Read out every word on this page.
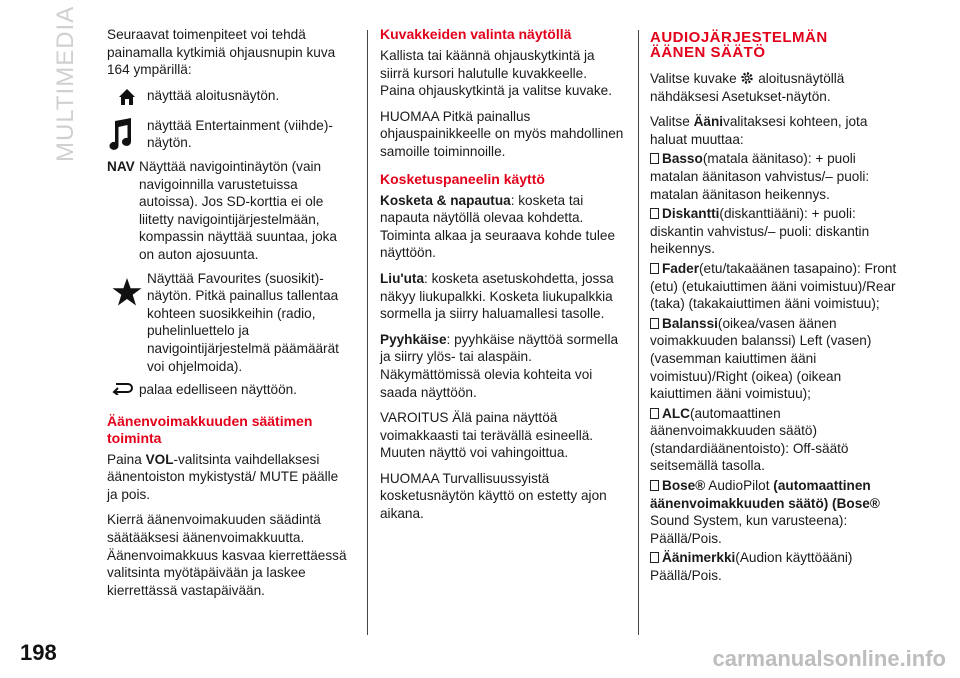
MULTIMEDIA Seuraavat toimenpiteet voi tehdä painamalla kytkimiä ohjausnupin kuva 164 ympärillä:

näyttää aloitusnäytön.
näyttää Entertainment (viihde)-näytön.
NAV Näyttää navigointinäytön (vain navigoinnilla varustetuissa autoissa). Jos SD-korttia ei ole liitetty navigointijärjestelmään, kompassin näyttää suuntaa, joka on auton ajosuunta.
Näyttää Favourites (suosikit)-näytön. Pitkä painallus tallentaa kohteen suosikkeihin (radio, puhelinluettelo ja navigointijärjestelmä päämäärät voi ohjelmoida).
palaa edelliseen näyttöön.
Äänenvoimakkuuden säätimen toiminta

Paina VOL-valitsinta vaihdellaksesi äänentoiston mykistystä/ MUTE päälle ja pois.

Kierrä äänenvoimakuuden säädintä säätääksesi äänenvoimakkuutta. Äänenvoimakkuus kasvaa kierrettäessä valitsinta myötäpäivään ja laskee kierrettässä vastapäivään.

Kuvakkeiden valinta näytöllä

Kallista tai käännä ohjauskytkintä ja siirrä kursori halutulle kuvakkeelle. Paina ohjauskytkintä ja valitse kuvake.

HUOMAA Pitkä painallus ohjauspainikkeelle on myös mahdollinen samoille toiminnoille.

Kosketuspaneelin käyttö

Kosketa & napautua: kosketa tai napauta näytöllä olevaa kohdetta. Toiminta alkaa ja seuraava kohde tulee näyttöön.

Liu'uta: kosketa asetuskohdetta, jossa näkyy liukupalkki. Kosketa liukupalkkia sormella ja siirry haluamallesi tasolle.

Pyyhkäise: pyyhkäise näyttöä sormella ja siirry ylös- tai alaspäin. Näkymättömissä olevia kohteita voi saada näyttöön.

VAROITUS Älä paina näyttöä voimakkaasti tai terävällä esineellä. Muuten näyttö voi vahingoittua.

HUOMAA Turvallisuussyistä kosketusnäytön käyttö on estetty ajon aikana.

AUDIOJÄRJESTELMÄN
ÄÄNEN SÄÄTÖ

Valitse kuvake aloitusnäytöllä nähdäksesi Asetukset-näytön.

Valitse Äänivalitaksesi kohteen, jota haluat muuttaa:

Basso(matala äänitaso): + puoli matalan äänitason vahvistus/– puoli: matalan äänitason heikennys.
Diskantti(diskanttiääni): + puoli: diskantin vahvistus/– puoli: diskantin heikennys.
Fader(etu/takaäänen tasapaino): Front (etu) (etukaiuttimen ääni voimistuu)/Rear (taka) (takakaiuttimen ääni voimistuu);
Balanssi(oikea/vasen äänen voimakkuuden balanssi) Left (vasen) (vasemman kaiuttimen ääni voimistuu)/Right (oikea) (oikean kaiuttimen ääni voimistuu);
ALC(automaattinen äänenvoimakkuuden säätö) (standardiäänentoisto): Off-säätö seitsemällä tasolla.
Bose® AudioPilot (automaattinen äänenvoimakkuuden säätö) (Bose® Sound System, kun varusteena): Päällä/Pois.
Äänimerkki(Audion käyttöääni) Päällä/Pois.
198	carmanualsonline.info
